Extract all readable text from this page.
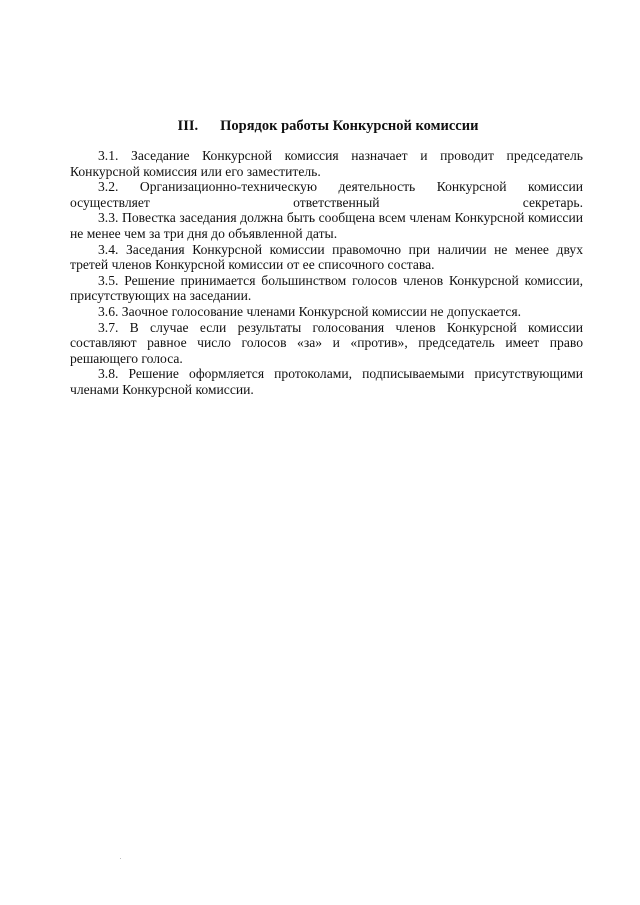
III. Порядок работы Конкурсной комиссии

3.1. Заседание Конкурсной комиссия назначает и проводит председатель Конкурсной комиссия или его заместитель.

3.2. Организационно-техническую деятельность Конкурсной комиссии осуществляет ответственный секретарь.

3.3. Повестка заседания должна быть сообщена всем членам Конкурсной комиссии не менее чем за три дня до объявленной даты.

3.4. Заседания Конкурсной комиссии правомочно при наличии не менее двух третей членов Конкурсной комиссии от ее списочного состава.

3.5. Решение принимается большинством голосов членов Конкурсной комиссии, присутствующих на заседании.

3.6. Заочное голосование членами Конкурсной комиссии не допускается.

3.7. В случае если результаты голосования членов Конкурсной комиссии составляют равное число голосов «за» и «против», председатель имеет право решающего голоса.

3.8. Решение оформляется протоколами, подписываемыми присутствующими членами Конкурсной комиссии.
